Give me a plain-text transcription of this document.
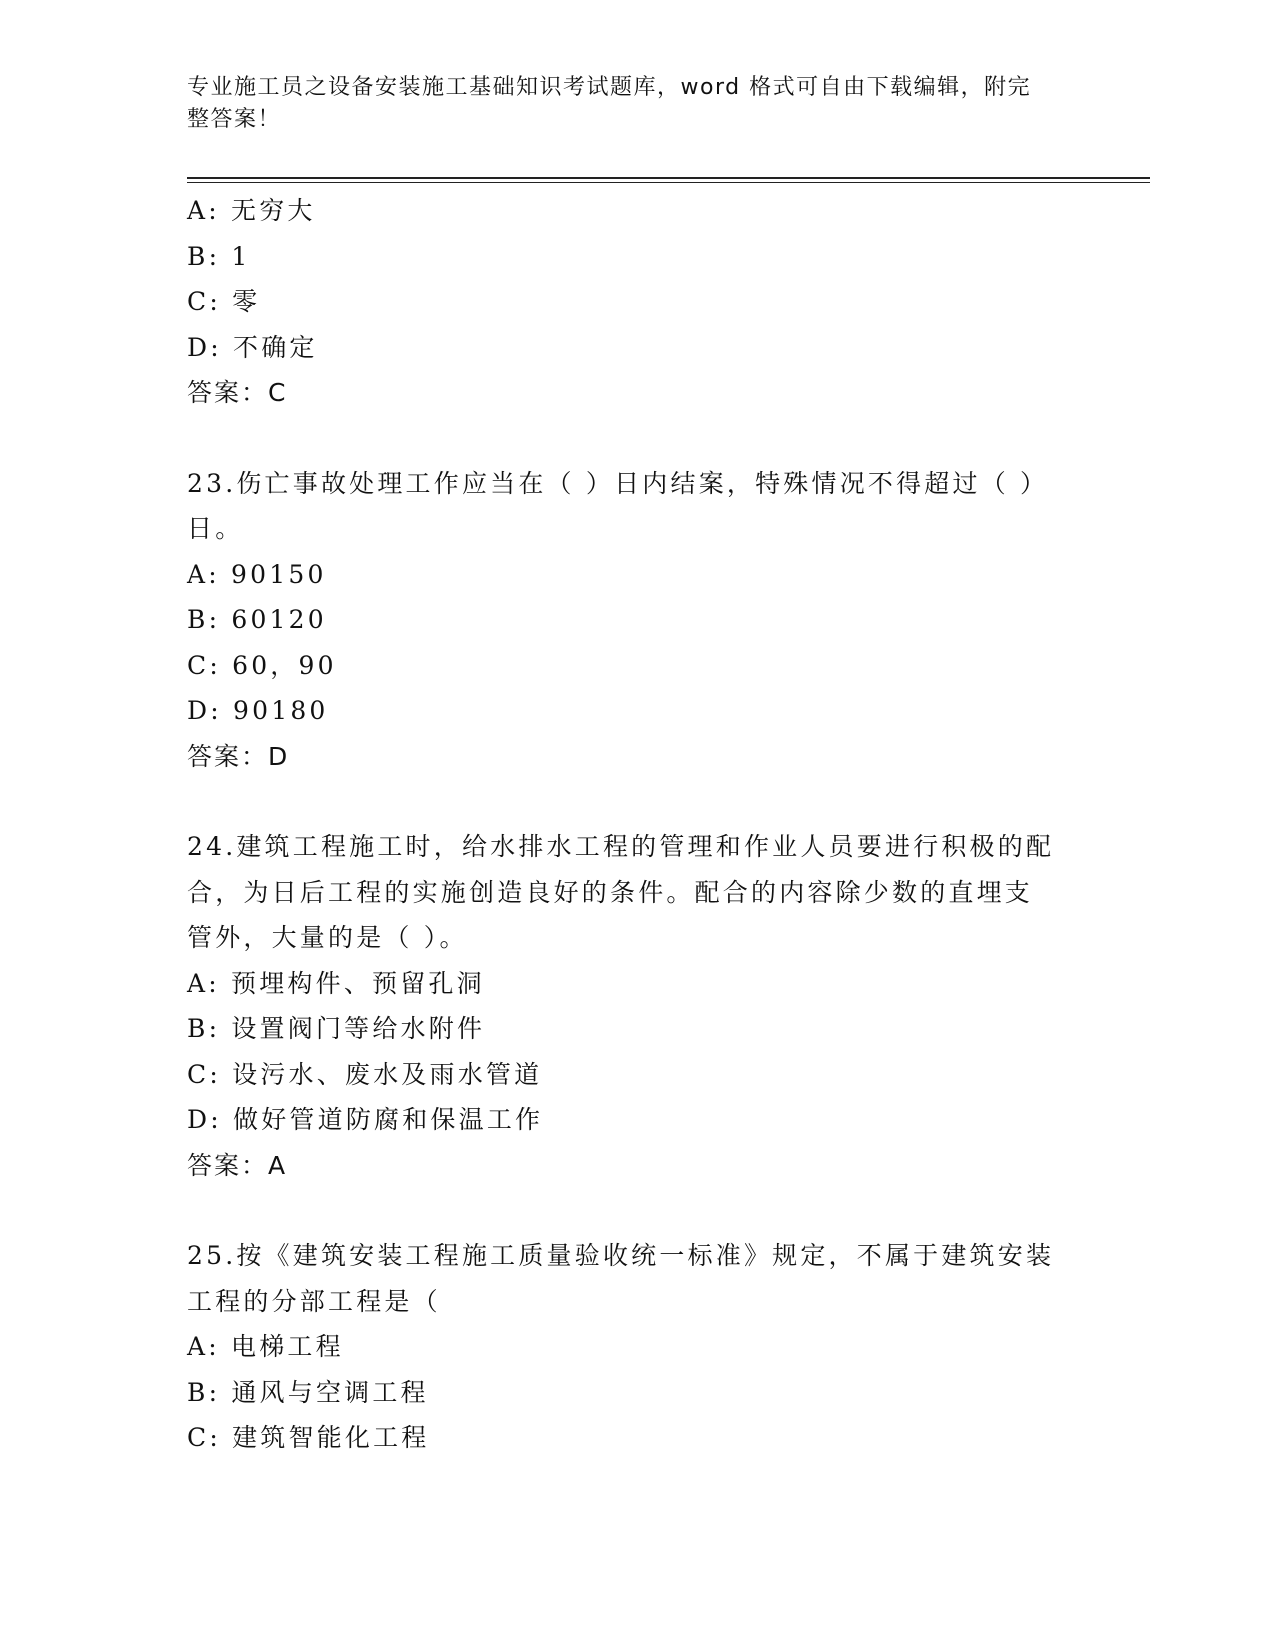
专业施工员之设备安装施工基础知识考试题库，word 格式可自由下载编辑，附完
整答案！
A: 无穷大
B: 1
C: 零
D: 不确定
答案：C
23.伤亡事故处理工作应当在（ ）日内结案，特殊情况不得超过（ ）
日。
A: 90150
B: 60120
C: 60，90
D: 90180
答案：D
24.建筑工程施工时，给水排水工程的管理和作业人员要进行积极的配
合，为日后工程的实施创造良好的条件。配合的内容除少数的直埋支
管外，大量的是（ ）。
A: 预埋构件、预留孔洞
B: 设置阀门等给水附件
C: 设污水、废水及雨水管道
D: 做好管道防腐和保温工作
答案：A
25.按《建筑安装工程施工质量验收统一标准》规定，不属于建筑安装
工程的分部工程是（
A: 电梯工程
B: 通风与空调工程
C: 建筑智能化工程
